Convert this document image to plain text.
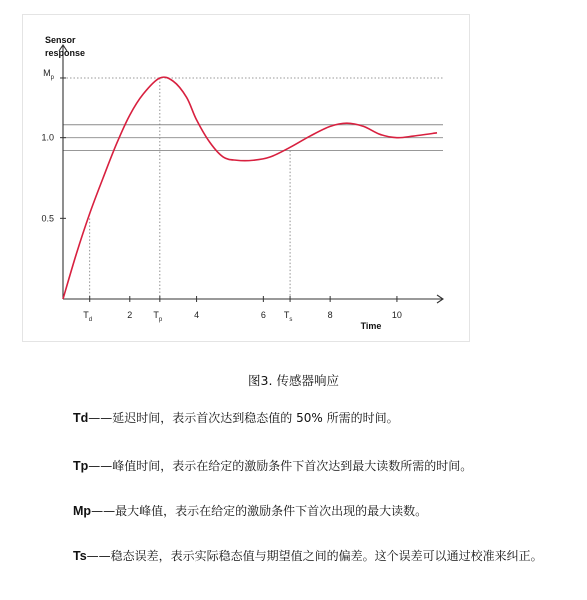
Sensor
response
Time
2	4	6	8	10
0.5
1.0
$T_d$	$T_p$	$T_s$
$M_p$
图3. 传感器响应
Td——延迟时间，表示首次达到稳态值的 50% 所需的时间。
Tp——峰值时间，表示在给定的激励条件下首次达到最大读数所需的时间。
Mp——最大峰值，表示在给定的激励条件下首次出现的最大读数。
Ts——稳态误差，表示实际稳态值与期望值之间的偏差。这个误差可以通过校准来纠正。
